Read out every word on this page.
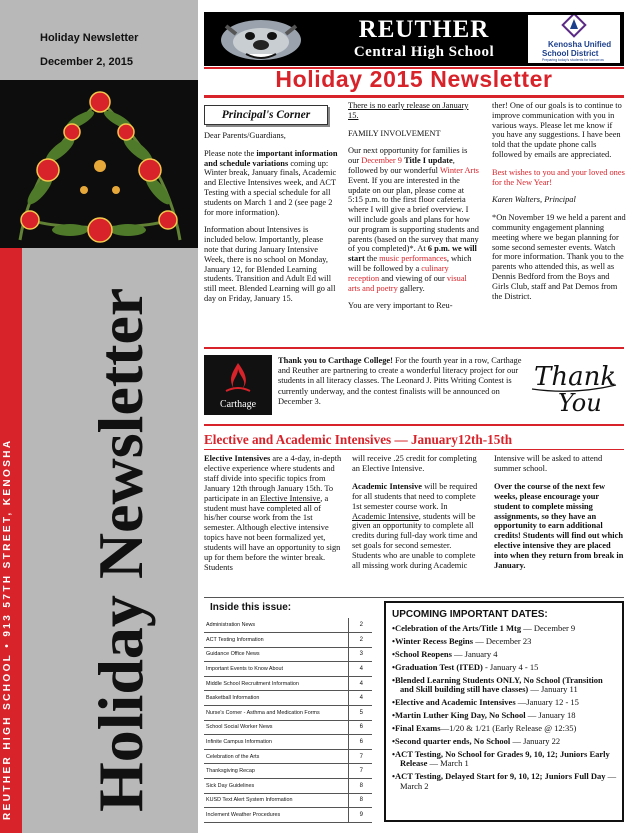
Holiday Newsletter
December 2, 2015
REUTHER HIGH SCHOOL • 913 57TH STREET, KENOSHA Holiday Newsletter
REUTHER
Central High School	Kenosha Unified
School District
Preparing today's students for tomorrow
Holiday 2015 Newsletter
Principal's Corner

Dear Parents/Guardians,

Please note the important information and schedule variations coming up: Winter break, January finals, Academic and Elective Intensives week, and ACT Testing with a special schedule for all students on March 1 and 2 (see page 2 for more information).

Information about Intensives is included below. Importantly, please note that during January Intensive Week, there is no school on Monday, January 12, for Blended Learning students. Transition and Adult Ed will still meet. Blended Learning will go all day on Friday, January 15.

There is no early release on January 15.

FAMILY INVOLVEMENT

Our next opportunity for families is our December 9 Title I update, followed by our wonderful Winter Arts Event. If you are interested in the update on our plan, please come at 5:15 p.m. to the first floor cafeteria where I will give a brief overview. I will include goals and plans for how our program is supporting students and parents (based on the survey that many of you completed)*. At 6 p.m. we will start the music performances, which will be followed by a culinary reception and viewing of our visual arts and poetry gallery.

You are very important to Reu-

ther! One of our goals is to continue to improve communication with you in various ways. Please let me know if you have any suggestions. I have been told that the update phone calls followed by emails are appreciated.

Best wishes to you and your loved ones for the New Year!

Karen Walters, Principal

*On November 19 we held a parent and community engagement planning meeting where we began planning for some second semester events. Watch for more information. Thank you to the parents who attended this, as well as Dennis Bedford from the Boys and Girls Club, staff and Pat Demos from the District.

Carthage
Thank you to Carthage College! For the fourth year in a row, Carthage and Reuther are partnering to create a wonderful literacy project for our students in all literacy classes. The Leonard J. Pitts Writing Contest is currently underway, and the contest finalists will be announced on December 3.
Thank
You
Elective and Academic Intensives — January12th-15th

Elective Intensives are a 4-day, in-depth elective experience where students and staff divide into specific topics from January 12th through January 15th. To participate in an Elective Intensive, a student must have completed all of his/her course work from the 1st semester. Although elective intensive topics have not been formalized yet, students will have an opportunity to sign up for them before the winter break. Students

will receive .25 credit for completing an Elective Intensive.

Academic Intensive will be required for all students that need to complete 1st semester course work. In Academic Intensive, students will be given an opportunity to complete all credits during full-day work time and set goals for second semester. Students who are unable to complete all missing work during Academic

Intensive will be asked to attend summer school.

Over the course of the next few weeks, please encourage your student to complete missing assignments, so they have an opportunity to earn additional credits! Students will find out which elective intensive they are placed into when they return from break in January.

Inside this issue:
Administration News	2
ACT Testing Information	2
Guidance Office News	3
Important Events to Know About	4
Middle School Recruitment Information	4
Basketball Information	4
Nurse's Corner - Asthma and Medication Forms	5
School Social Worker News	6
Infinite Campus Information	6
Celebration of the Arts	7
Thanksgiving Recap	7
Sick Day Guidelines	8
KUSD Text Alert System Information	8
Inclement Weather Procedures	9
UPCOMING IMPORTANT DATES:
• Celebration of the Arts/Title 1 Mtg — December 9
• Winter Recess Begins — December 23
• School Reopens — January 4
• Graduation Test (ITED) - January 4 - 15
• Blended Learning Students ONLY, No School (Transition and Skill building still have classes) — January 11
• Elective and Academic Intensives —January 12 - 15
• Martin Luther King Day, No School — January 18
• Final Exams—1/20 & 1/21 (Early Release @ 12:35)
• Second quarter ends, No School — January 22
• ACT Testing, No School for Grades 9, 10, 12; Juniors Early Release — March 1
• ACT Testing, Delayed Start for 9, 10, 12; Juniors Full Day — March 2
